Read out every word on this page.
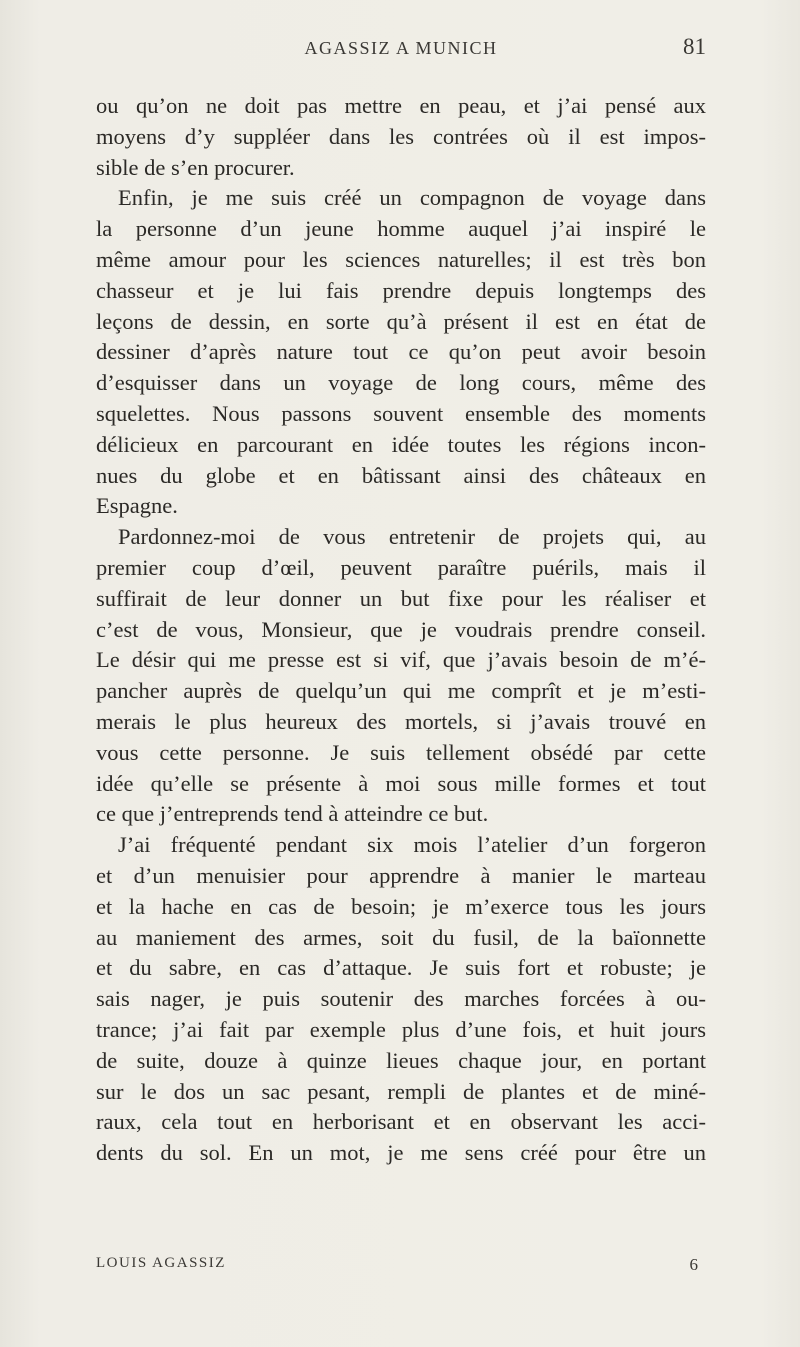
AGASSIZ A MUNICH	81
ou qu’on ne doit pas mettre en peau, et j’ai pensé aux
moyens d’y suppléer dans les contrées où il est impos-
sible de s’en procurer.
Enfin, je me suis créé un compagnon de voyage dans
la personne d’un jeune homme auquel j’ai inspiré le
même amour pour les sciences naturelles; il est très bon
chasseur et je lui fais prendre depuis longtemps des
leçons de dessin, en sorte qu’à présent il est en état de
dessiner d’après nature tout ce qu’on peut avoir besoin
d’esquisser dans un voyage de long cours, même des
squelettes. Nous passons souvent ensemble des moments
délicieux en parcourant en idée toutes les régions incon-
nues du globe et en bâtissant ainsi des châteaux en
Espagne.
Pardonnez-moi de vous entretenir de projets qui, au
premier coup d’œil, peuvent paraître puérils, mais il
suffirait de leur donner un but fixe pour les réaliser et
c’est de vous, Monsieur, que je voudrais prendre conseil.
Le désir qui me presse est si vif, que j’avais besoin de m’é-
pancher auprès de quelqu’un qui me comprît et je m’esti-
merais le plus heureux des mortels, si j’avais trouvé en
vous cette personne. Je suis tellement obsédé par cette
idée qu’elle se présente à moi sous mille formes et tout
ce que j’entreprends tend à atteindre ce but.
J’ai fréquenté pendant six mois l’atelier d’un forgeron
et d’un menuisier pour apprendre à manier le marteau
et la hache en cas de besoin; je m’exerce tous les jours
au maniement des armes, soit du fusil, de la baïonnette
et du sabre, en cas d’attaque. Je suis fort et robuste; je
sais nager, je puis soutenir des marches forcées à ou-
trance; j’ai fait par exemple plus d’une fois, et huit jours
de suite, douze à quinze lieues chaque jour, en portant
sur le dos un sac pesant, rempli de plantes et de miné-
raux, cela tout en herborisant et en observant les acci-
dents du sol. En un mot, je me sens créé pour être un
LOUIS AGASSIZ	6
